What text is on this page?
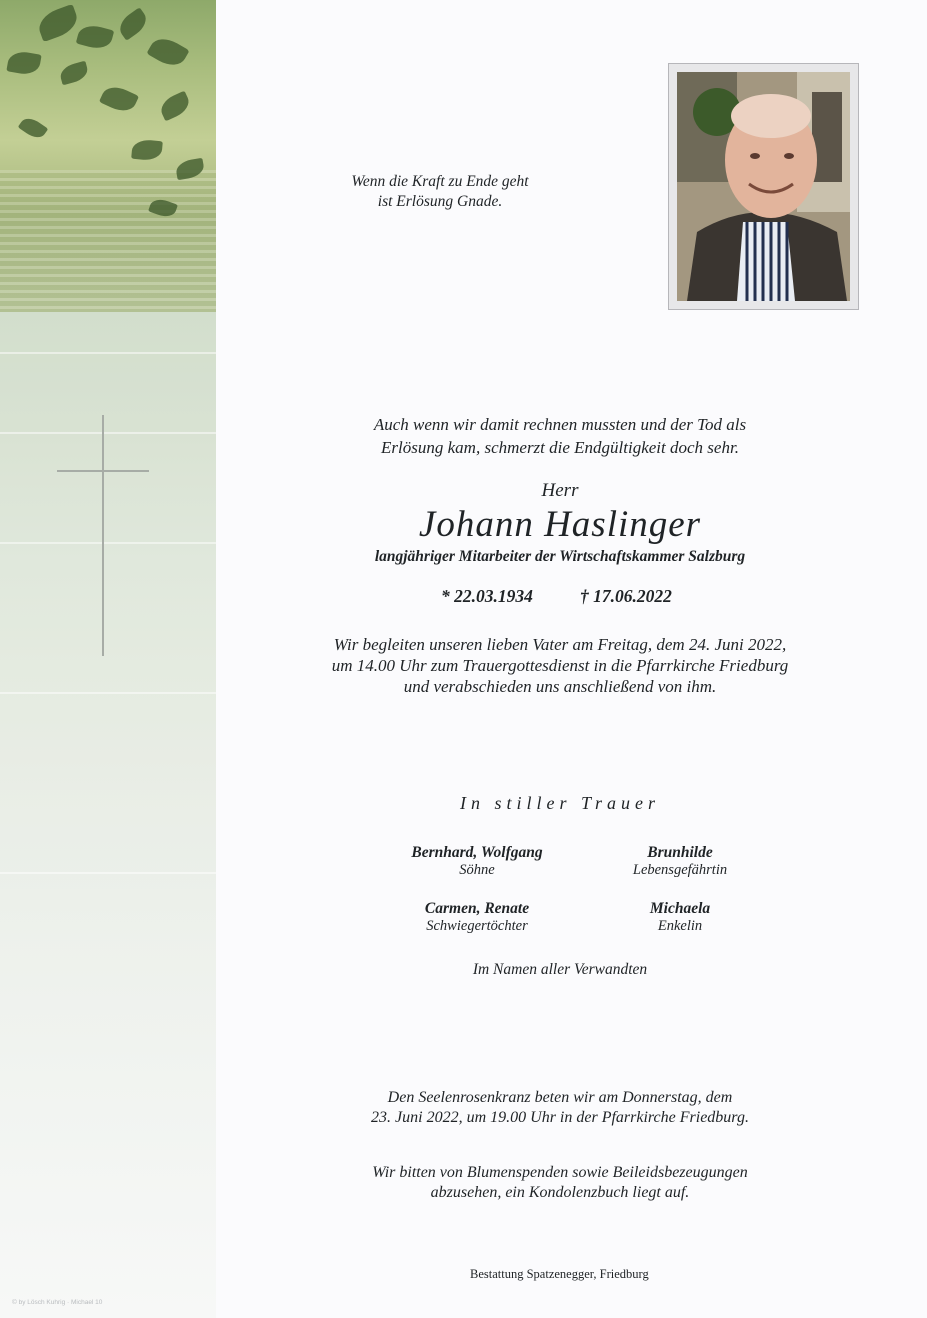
Wenn die Kraft zu Ende geht
ist Erlösung Gnade.
Auch wenn wir damit rechnen mussten und der Tod als
Erlösung kam, schmerzt die Endgültigkeit doch sehr.
Herr
Johann Haslinger
langjähriger Mitarbeiter der Wirtschaftskammer Salzburg
* 22.03.1934	† 17.06.2022
Wir begleiten unseren lieben Vater am Freitag, dem 24. Juni 2022,
um 14.00 Uhr zum Trauergottesdienst in die Pfarrkirche Friedburg
und verabschieden uns anschließend von ihm.
In stiller Trauer
Bernhard, Wolfgang
Söhne
Brunhilde
Lebensgefährtin
Carmen, Renate
Schwiegertöchter
Michaela
Enkelin
Im Namen aller Verwandten
Den Seelenrosenkranz beten wir am Donnerstag, dem
23. Juni 2022, um 19.00 Uhr in der Pfarrkirche Friedburg.
Wir bitten von Blumenspenden sowie Beileidsbezeugungen
abzusehen, ein Kondolenzbuch liegt auf.
Bestattung Spatzenegger, Friedburg
© by Lösch Kuhrig · Michael 10
